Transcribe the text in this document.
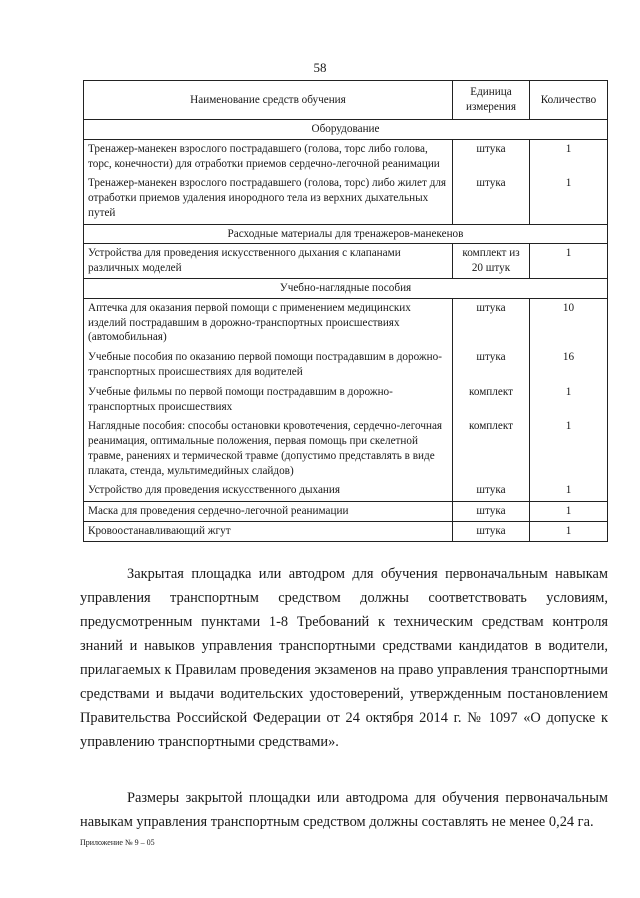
58
Наименование средств обучения	Единица измерения	Количество
Оборудование		
Тренажер-манекен взрослого пострадавшего (голова, торс либо голова, торс, конечности) для отработки приемов сердечно-легочной реанимации	штука	1
Тренажер-манекен взрослого пострадавшего (голова, торс) либо жилет для отработки приемов удаления инородного тела из верхних дыхательных путей	штука	1
Расходные материалы для тренажеров-манекенов		
Устройства для проведения искусственного дыхания с клапанами различных моделей	комплект из 20 штук	1
Учебно-наглядные пособия		
Аптечка для оказания первой помощи с применением медицинских изделий пострадавшим в дорожно-транспортных происшествиях (автомобильная)	штука	10
Учебные пособия по оказанию первой помощи пострадавшим в дорожно-транспортных происшествиях для водителей	штука	16
Учебные фильмы по первой помощи пострадавшим в дорожно-транспортных происшествиях	комплект	1
Наглядные пособия: способы остановки кровотечения, сердечно-легочная реанимация, оптимальные положения, первая помощь при скелетной травме, ранениях и термической травме (допустимо представлять в виде плаката, стенда, мультимедийных слайдов)	комплект	1
Устройство для проведения искусственного дыхания	штука	1
Маска для проведения сердечно-легочной реанимации	штука	1
Кровоостанавливающий жгут	штука	1
Закрытая площадка или автодром для обучения первоначальным навыкам управления транспортным средством должны соответствовать условиям, предусмотренным пунктами 1-8 Требований к техническим средствам контроля знаний и навыков управления транспортными средствами кандидатов в водители, прилагаемых к Правилам проведения экзаменов на право управления транспортными средствами и выдачи водительских удостоверений, утвержденным постановлением Правительства Российской Федерации от 24 октября 2014 г. № 1097 «О допуске к управлению транспортными средствами».
Размеры закрытой площадки или автодрома для обучения первоначальным навыкам управления транспортным средством должны составлять не менее 0,24 га.
Приложение № 9 – 05
